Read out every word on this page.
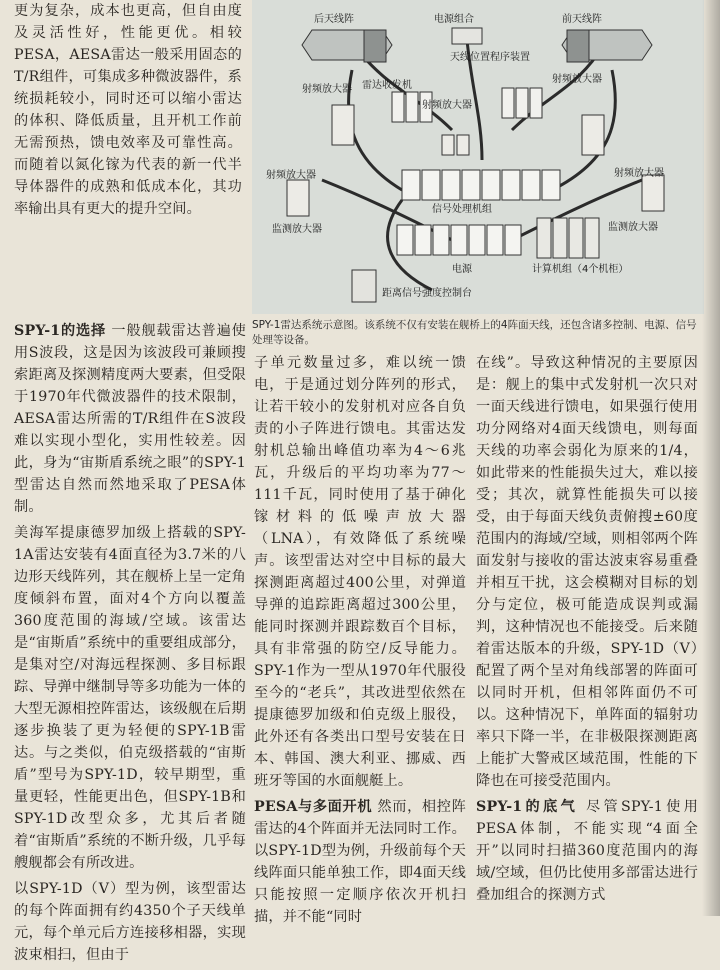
更为复杂，成本也更高，但自由度及灵活性好，性能更优。相较PESA，AESA雷达一般采用固态的T/R组件，可集成多种微波器件，系统损耗较小，同时还可以缩小雷达的体积、降低质量，且开机工作前无需预热，馈电效率及可靠性高。而随着以氮化镓为代表的新一代半导体器件的成熟和低成本化，其功率输出具有更大的提升空间。

后天线阵	电源组合	前天线阵
天线位置程序装置
射频放大器 雷达收发机
射频放大器
射频放大器
射频放大器	射频放大器
信号处理机组
监测放大器	监测放大器
电源	计算机组（4个机柜）
距离信号强度控制台
SPY-1雷达系统示意图。该系统不仅有安装在舰桥上的4阵面天线，还包含诸多控制、电源、信号处理等设备。

SPY-1的选择 一般舰载雷达普遍使用S波段，这是因为该波段可兼顾搜索距离及探测精度两大要素，但受限于1970年代微波器件的技术限制，AESA雷达所需的T/R组件在S波段难以实现小型化，实用性较差。因此，身为“宙斯盾系统之眼”的SPY-1型雷达自然而然地采取了PESA体制。

美海军提康德罗加级上搭载的SPY-1A雷达安装有4面直径为3.7米的八边形天线阵列，其在舰桥上呈一定角度倾斜布置，面对4个方向以覆盖360度范围的海域/空域。该雷达是“宙斯盾”系统中的重要组成部分，是集对空/对海远程探测、多目标跟踪、导弹中继制导等多功能为一体的大型无源相控阵雷达，该级舰在后期逐步换装了更为轻便的SPY-1B雷达。与之类似，伯克级搭载的“宙斯盾”型号为SPY-1D，较早期型，重量更轻，性能更出色，但SPY-1B和SPY-1D改型众多，尤其后者随着“宙斯盾”系统的不断升级，几乎每艘舰都会有所改进。

以SPY-1D（V）型为例，该型雷达的每个阵面拥有约4350个子天线单元，每个单元后方连接移相器，实现波束相扫，但由于

子单元数量过多，难以统一馈电，于是通过划分阵列的形式，让若干较小的发射机对应各自负责的小子阵进行馈电。其雷达发射机总输出峰值功率为4～6兆瓦，升级后的平均功率为77～111千瓦，同时使用了基于砷化镓材料的低噪声放大器（LNA），有效降低了系统噪声。该型雷达对空中目标的最大探测距离超过400公里，对弹道导弹的追踪距离超过300公里，能同时探测并跟踪数百个目标，具有非常强的防空/反导能力。SPY-1作为一型从1970年代服役至今的“老兵”，其改进型依然在提康德罗加级和伯克级上服役，此外还有各类出口型号安装在日本、韩国、澳大利亚、挪威、西班牙等国的水面舰艇上。

PESA与多面开机 然而，相控阵雷达的4个阵面并无法同时工作。以SPY-1D型为例，升级前每个天线阵面只能单独工作，即4面天线只能按照一定顺序依次开机扫描，并不能“同时

在线”。导致这种情况的主要原因是：舰上的集中式发射机一次只对一面天线进行馈电，如果强行使用功分网络对4面天线馈电，则每面天线的功率会弱化为原来的1/4，如此带来的性能损失过大，难以接受；其次，就算性能损失可以接受，由于每面天线负责俯搜±60度范围内的海域/空域，则相邻两个阵面发射与接收的雷达波束容易重叠并相互干扰，这会模糊对目标的划分与定位，极可能造成误判或漏判，这种情况也不能接受。后来随着雷达版本的升级，SPY-1D（V）配置了两个呈对角线部署的阵面可以同时开机，但相邻阵面仍不可以。这种情况下，单阵面的辐射功率只下降一半，在非极限探测距离上能扩大警戒区域范围，性能的下降也在可接受范围内。

SPY-1的底气 尽管SPY-1使用PESA体制，不能实现“4面全开”以同时扫描360度范围内的海域/空域，但仍比使用多部雷达进行叠加组合的探测方式
